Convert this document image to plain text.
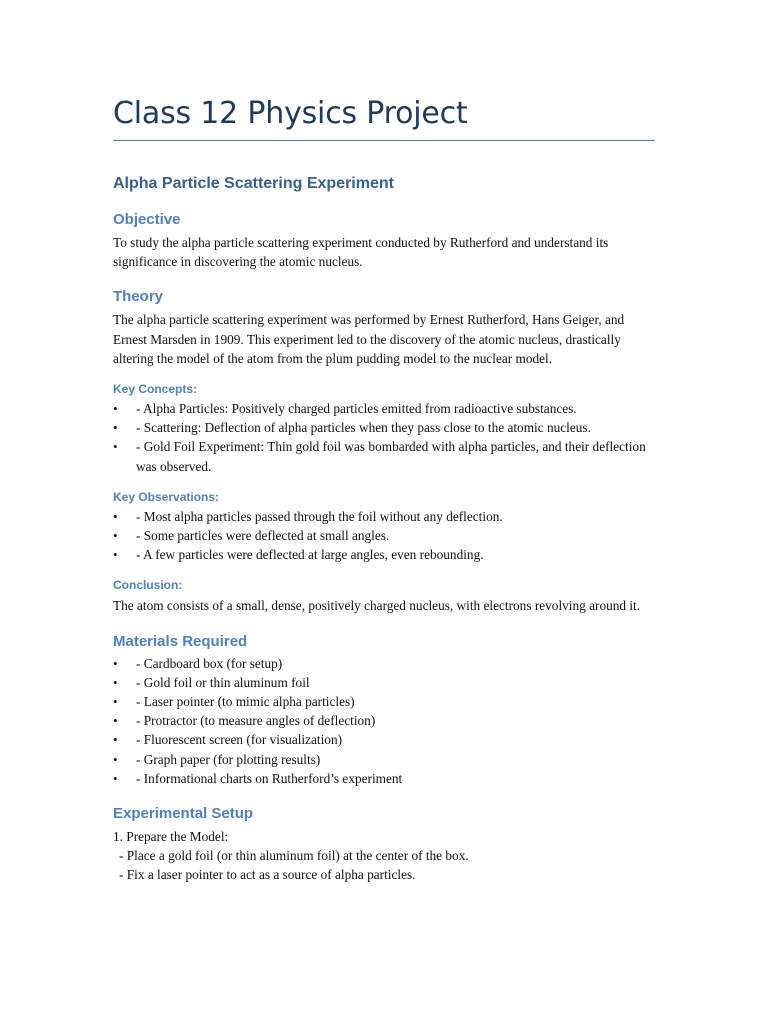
Class 12 Physics Project
Alpha Particle Scattering Experiment
Objective

To study the alpha particle scattering experiment conducted by Rutherford and understand its significance in discovering the atomic nucleus.

Theory

The alpha particle scattering experiment was performed by Ernest Rutherford, Hans Geiger, and Ernest Marsden in 1909. This experiment led to the discovery of the atomic nucleus, drastically altering the model of the atom from the plum pudding model to the nuclear model.

Key Concepts:
• - Alpha Particles: Positively charged particles emitted from radioactive substances.
• - Scattering: Deflection of alpha particles when they pass close to the atomic nucleus.
• - Gold Foil Experiment: Thin gold foil was bombarded with alpha particles, and their deflection was observed.
Key Observations:
• - Most alpha particles passed through the foil without any deflection.
• - Some particles were deflected at small angles.
• - A few particles were deflected at large angles, even rebounding.
Conclusion:

The atom consists of a small, dense, positively charged nucleus, with electrons revolving around it.

Materials Required
• - Cardboard box (for setup)
• - Gold foil or thin aluminum foil
• - Laser pointer (to mimic alpha particles)
• - Protractor (to measure angles of deflection)
• - Fluorescent screen (for visualization)
• - Graph paper (for plotting results)
• - Informational charts on Rutherford’s experiment
Experimental Setup

1. Prepare the Model:

- Place a gold foil (or thin aluminum foil) at the center of the box.

- Fix a laser pointer to act as a source of alpha particles.
